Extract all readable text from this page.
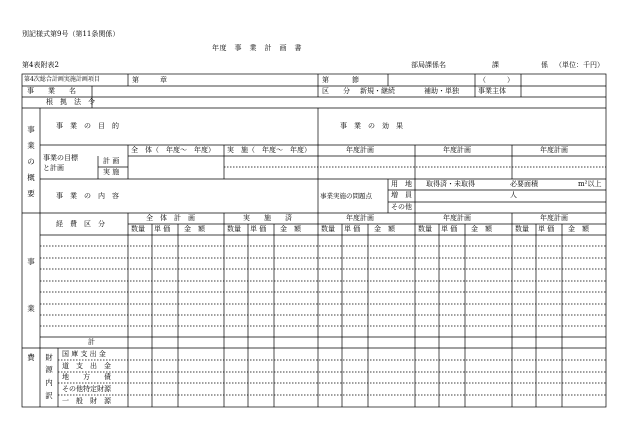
別記様式第9号（第11条関係）
年度　事　業　計　画　書
第4表附表2	部局課係名	課	係 （単位：千円）
第4次総合計画実施計画項目	第	章	第	節	（　　　）
事　　業　　名	区　　分 新規・継続	補助・単独	事業主体
根　拠　法　令
事
業
の
概
要
事　業　の　目　的	事　業　の　効　果
全　体（　年度〜　年度） 実　施（　年度〜　年度）	年度計画	年度計画	年度計画
事業の目標
と計画
計 画
実 施
事　業　の　内　容	事業実施の問題点
用　地 取得済・未取得	必要面積	m²以上
増　員	人
その他
事
業
費
経　費　区　分
全　体　計　画	実　　施　　済	年度計画	年度計画	年度計画
数量 単 価 金　額	数量 単 価 金　額	数量 単 価 金　額	数量 単 価 金　額	数量 単 価 金　額
計
財
源
内
訳
国 庫 支 出 金
道　支　出　金
地　　方　　債
その他特定財源
一　般　財　源
